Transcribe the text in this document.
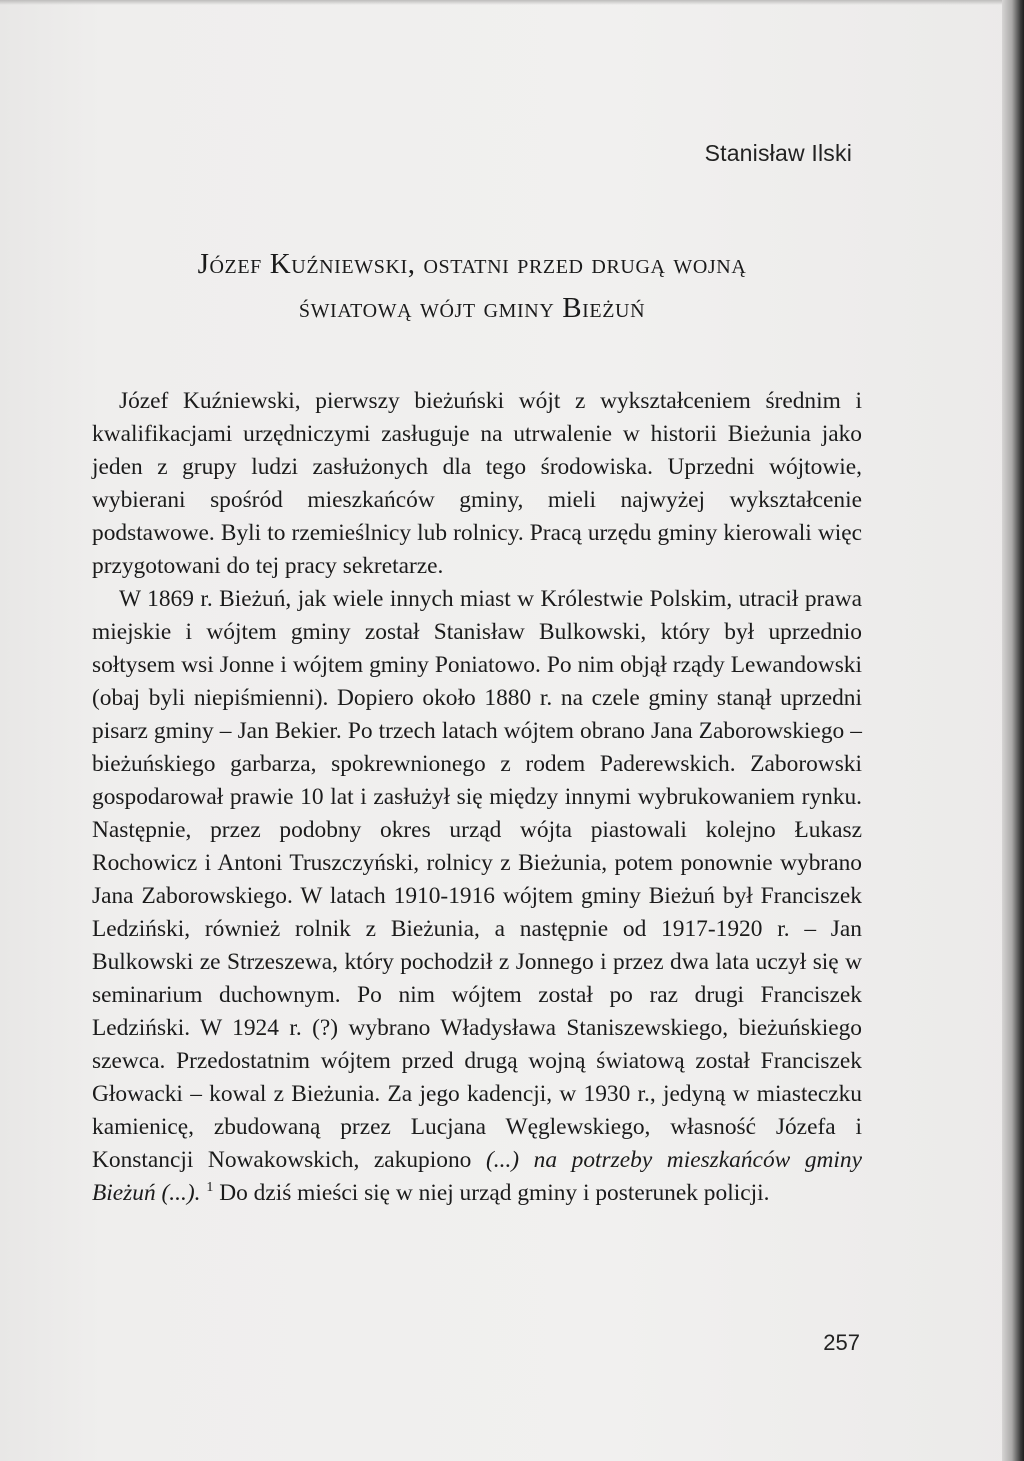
Stanisław Ilski
Józef Kuźniewski, ostatni przed drugą wojną
światową wójt gminy Bieżuń

Józef Kuźniewski, pierwszy bieżuński wójt z wykształceniem średnim i kwalifikacjami urzędniczymi zasługuje na utrwalenie w historii Bieżunia jako jeden z grupy ludzi zasłużonych dla tego środowiska. Uprzedni wójtowie, wybierani spośród mieszkańców gminy, mieli najwyżej wykształcenie podstawowe. Byli to rzemieślnicy lub rolnicy. Pracą urzędu gminy kierowali więc przygotowani do tej pracy sekretarze.

W 1869 r. Bieżuń, jak wiele innych miast w Królestwie Polskim, utracił prawa miejskie i wójtem gminy został Stanisław Bulkowski, który był uprzednio sołtysem wsi Jonne i wójtem gminy Poniatowo. Po nim objął rządy Lewandowski (obaj byli niepiśmienni). Dopiero około 1880 r. na czele gminy stanął uprzedni pisarz gminy – Jan Bekier. Po trzech latach wójtem obrano Jana Zaborowskiego – bieżuńskiego garbarza, spokrewnionego z rodem Paderewskich. Zaborowski gospodarował prawie 10 lat i zasłużył się między innymi wybrukowaniem rynku. Następnie, przez podobny okres urząd wójta piastowali kolejno Łukasz Rochowicz i Antoni Truszczyński, rolnicy z Bieżunia, potem ponownie wybrano Jana Zaborowskiego. W latach 1910-1916 wójtem gminy Bieżuń był Franciszek Ledziński, również rolnik z Bieżunia, a następnie od 1917-1920 r. – Jan Bulkowski ze Strzeszewa, który pochodził z Jonnego i przez dwa lata uczył się w seminarium duchownym. Po nim wójtem został po raz drugi Franciszek Ledziński. W 1924 r. (?) wybrano Władysława Staniszewskiego, bieżuńskiego szewca. Przedostatnim wójtem przed drugą wojną światową został Franciszek Głowacki – kowal z Bieżunia. Za jego kadencji, w 1930 r., jedyną w miasteczku kamienicę, zbudowaną przez Lucjana Węglewskiego, własność Józefa i Konstancji Nowakowskich, zakupiono (...) na potrzeby mieszkańców gminy Bieżuń (...). $^1$ Do dziś mieści się w niej urząd gminy i posterunek policji.

257
